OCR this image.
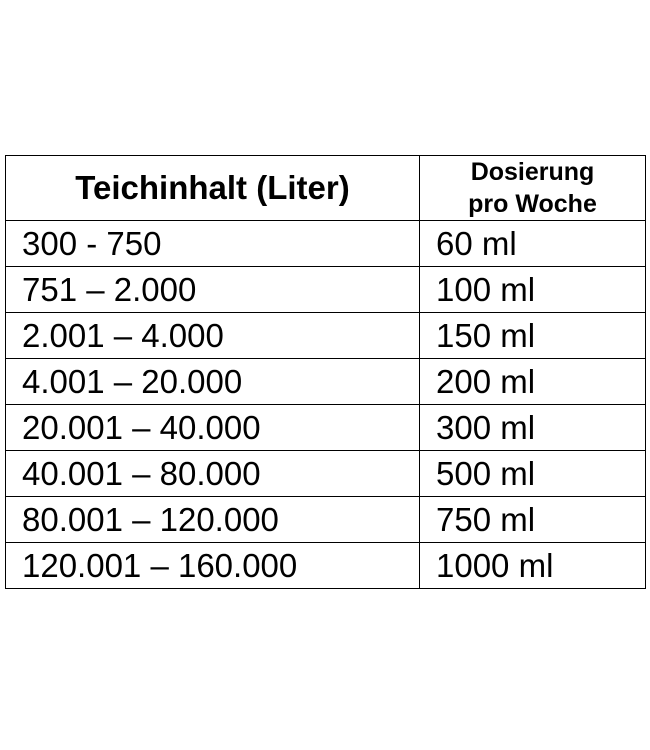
Teichinhalt (Liter)	Dosierung
pro Woche

300 - 750	60 ml
751 – 2.000	100 ml
2.001 – 4.000	150 ml
4.001 – 20.000	200 ml
20.001 – 40.000	300 ml
40.001 – 80.000	500 ml
80.001 – 120.000	750 ml
120.001 – 160.000	1000 ml
